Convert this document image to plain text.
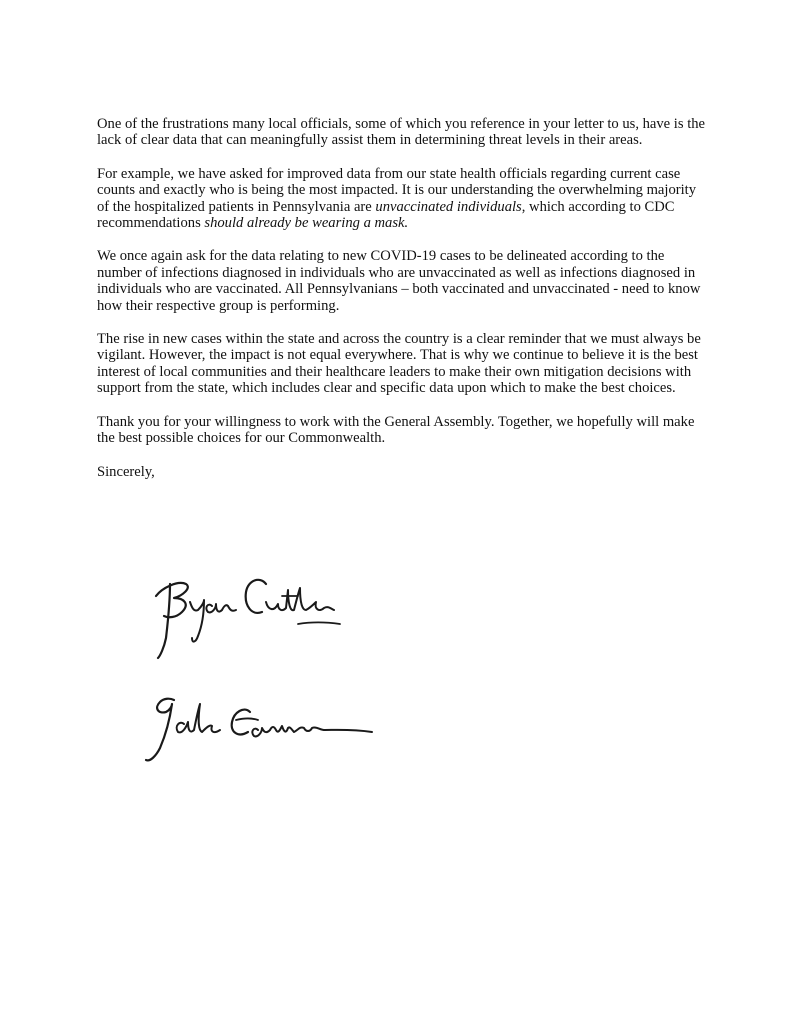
One of the frustrations many local officials, some of which you reference in your letter to us, have is the lack of clear data that can meaningfully assist them in determining threat levels in their areas.

For example, we have asked for improved data from our state health officials regarding current case counts and exactly who is being the most impacted. It is our understanding the overwhelming majority of the hospitalized patients in Pennsylvania are unvaccinated individuals, which according to CDC recommendations should already be wearing a mask.

We once again ask for the data relating to new COVID-19 cases to be delineated according to the number of infections diagnosed in individuals who are unvaccinated as well as infections diagnosed in individuals who are vaccinated. All Pennsylvanians – both vaccinated and unvaccinated - need to know how their respective group is performing.

The rise in new cases within the state and across the country is a clear reminder that we must always be vigilant. However, the impact is not equal everywhere. That is why we continue to believe it is the best interest of local communities and their healthcare leaders to make their own mitigation decisions with support from the state, which includes clear and specific data upon which to make the best choices.

Thank you for your willingness to work with the General Assembly. Together, we hopefully will make the best possible choices for our Commonwealth.

Sincerely,
